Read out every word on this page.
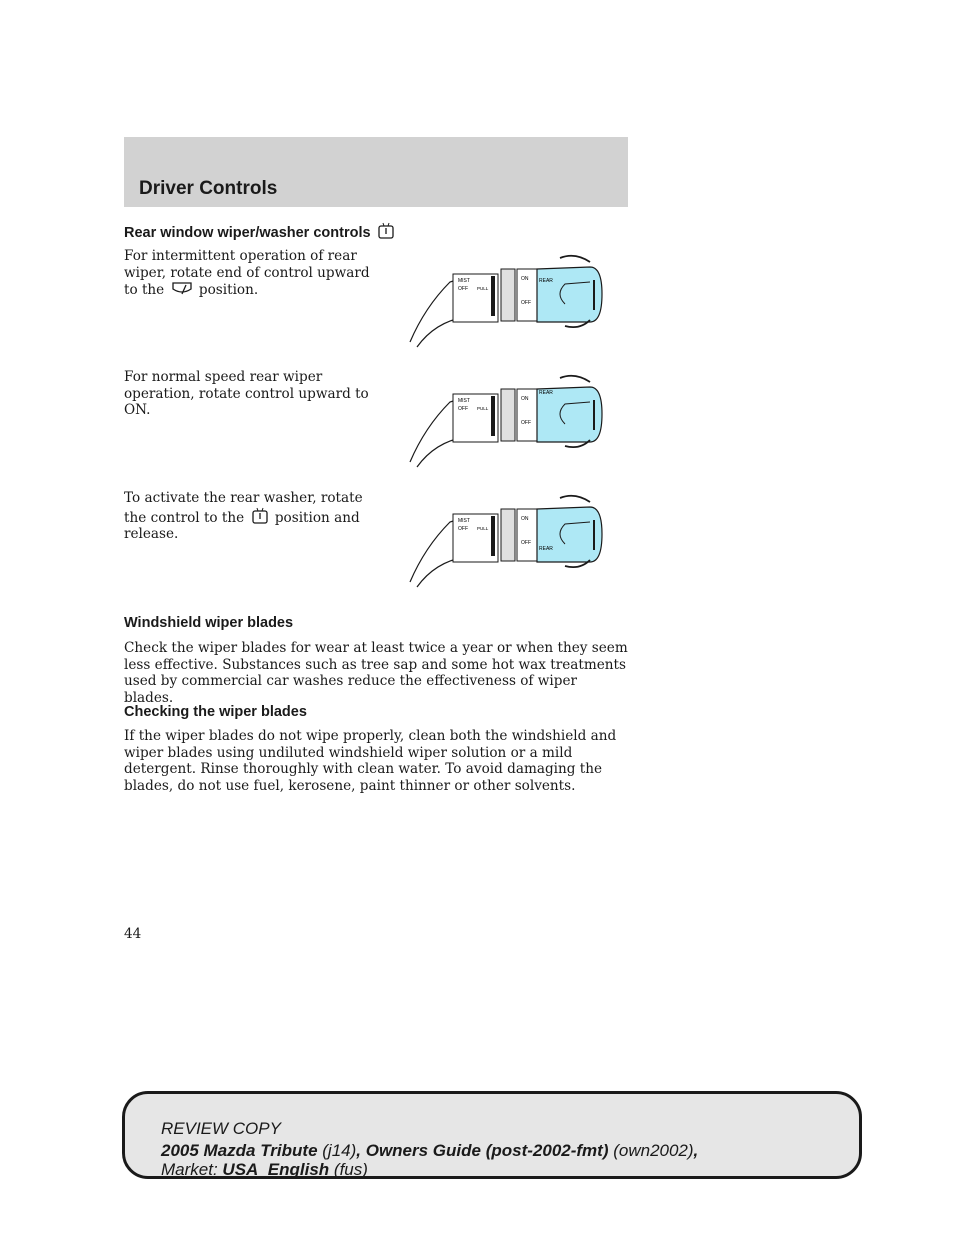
Driver Controls
Rear window wiper/washer controls
For intermittent operation of rear wiper, rotate end of control upward to the	position.
MIST
OFF PULL
ON
OFF
REAR
For normal speed rear wiper operation, rotate control upward to ON.
MIST
OFF PULL
ON
OFF
REAR
To activate the rear washer, rotate the control to the position and release.
MIST
OFF PULL
ON
OFF
REAR
Windshield wiper blades
Check the wiper blades for wear at least twice a year or when they seem less effective. Substances such as tree sap and some hot wax treatments used by commercial car washes reduce the effectiveness of wiper blades.
Checking the wiper blades
If the wiper blades do not wipe properly, clean both the windshield and wiper blades using undiluted windshield wiper solution or a mild detergent. Rinse thoroughly with clean water. To avoid damaging the blades, do not use fuel, kerosene, paint thinner or other solvents.
44
REVIEW COPY
2005 Mazda Tribute (j14), Owners Guide (post-2002-fmt) (own2002),
Market: USA_English (fus)
